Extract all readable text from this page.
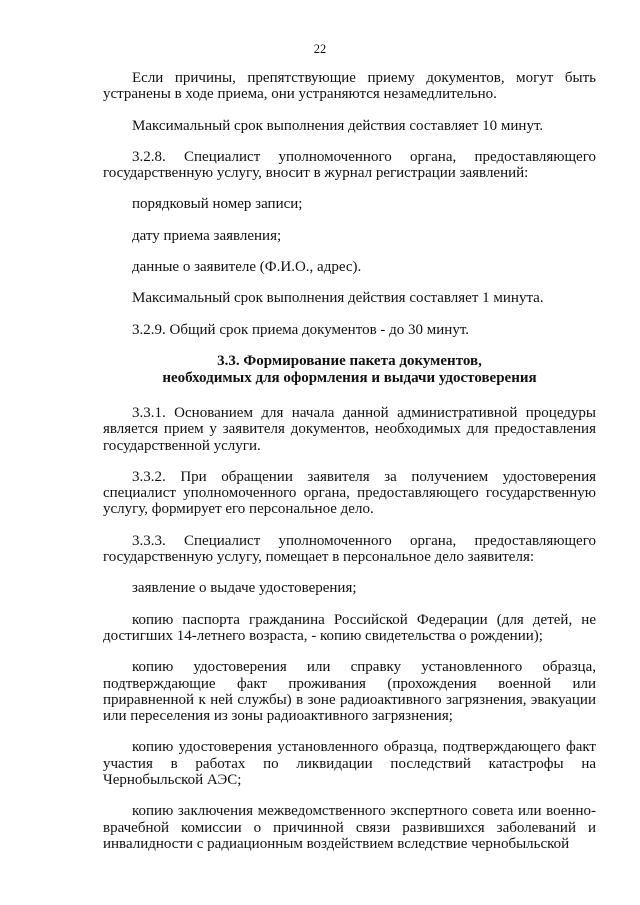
22

Если причины, препятствующие приему документов, могут быть устранены в ходе приема, они устраняются незамедлительно.

Максимальный срок выполнения действия составляет 10 минут.

3.2.8. Специалист уполномоченного органа, предоставляющего государственную услугу, вносит в журнал регистрации заявлений:

порядковый номер записи;

дату приема заявления;

данные о заявителе (Ф.И.О., адрес).

Максимальный срок выполнения действия составляет 1 минута.

3.2.9. Общий срок приема документов - до 30 минут.

3.3. Формирование пакета документов,
необходимых для оформления и выдачи удостоверения

3.3.1. Основанием для начала данной административной процедуры является прием у заявителя документов, необходимых для предоставления государственной услуги.

3.3.2. При обращении заявителя за получением удостоверения специалист уполномоченного органа, предоставляющего государственную услугу, формирует его персональное дело.

3.3.3. Специалист уполномоченного органа, предоставляющего государственную услугу, помещает в персональное дело заявителя:

заявление о выдаче удостоверения;

копию паспорта гражданина Российской Федерации (для детей, не достигших 14-летнего возраста, - копию свидетельства о рождении);

копию удостоверения или справку установленного образца, подтверждающие факт проживания (прохождения военной или приравненной к ней службы) в зоне радиоактивного загрязнения, эвакуации или переселения из зоны радиоактивного загрязнения;

копию удостоверения установленного образца, подтверждающего факт участия в работах по ликвидации последствий катастрофы на Чернобыльской АЭС;

копию заключения межведомственного экспертного совета или военно-врачебной комиссии о причинной связи развившихся заболеваний и инвалидности с радиационным воздействием вследствие чернобыльской
